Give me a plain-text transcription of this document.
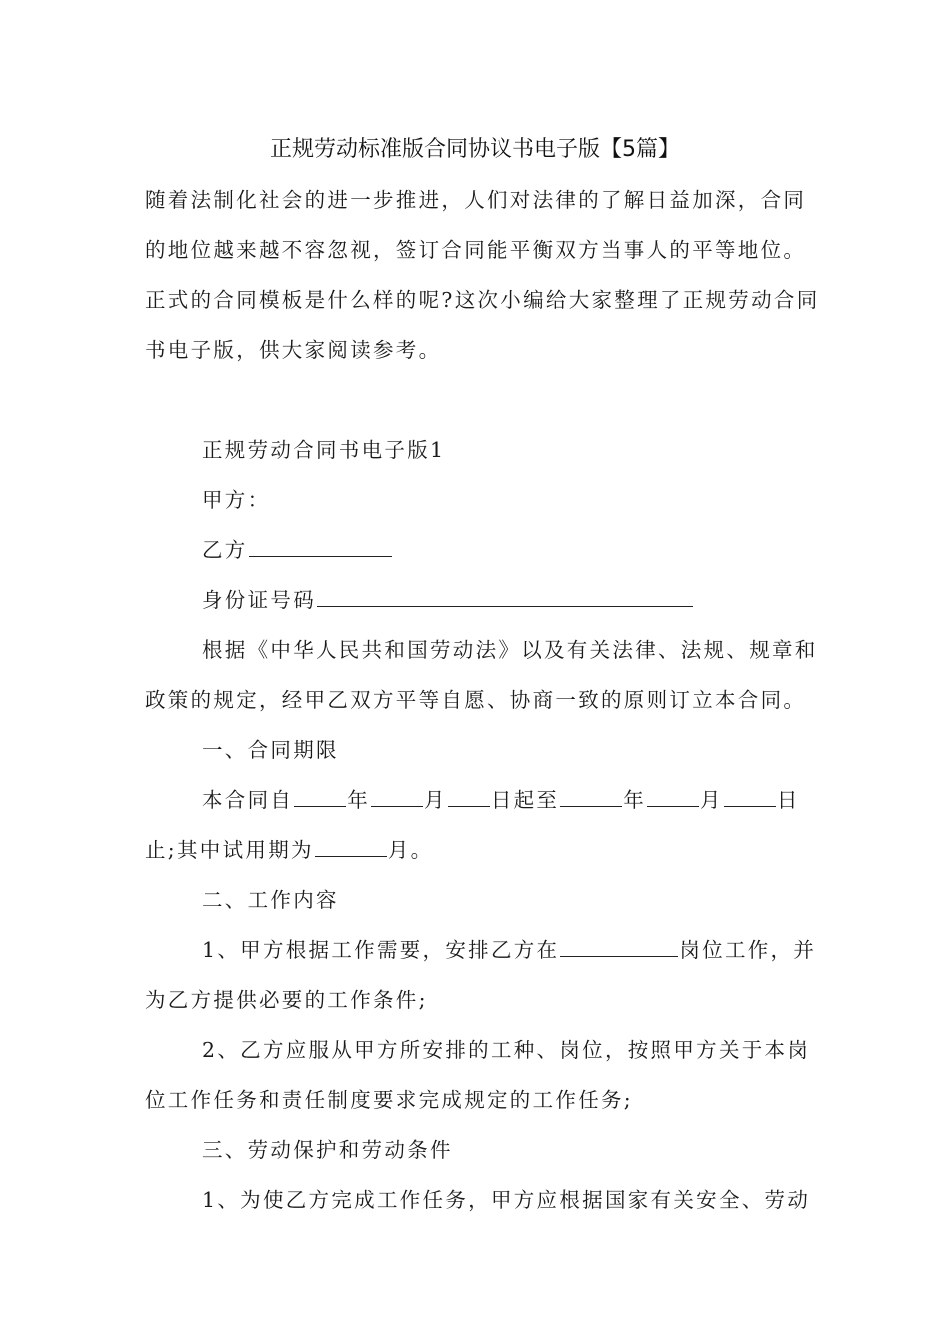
正规劳动标准版合同协议书电子版【5篇】
随着法制化社会的进一步推进，人们对法律的了解日益加深，合同
的地位越来越不容忽视，签订合同能平衡双方当事人的平等地位。
正式的合同模板是什么样的呢?这次小编给大家整理了正规劳动合同
书电子版，供大家阅读参考。
正规劳动合同书电子版1
甲方：
乙方
身份证号码
根据《中华人民共和国劳动法》以及有关法律、法规、规章和
政策的规定，经甲乙双方平等自愿、协商一致的原则订立本合同。
一、合同期限
本合同自	年	月 日起至	年	月	日
止;其中试用期为	月。
二、工作内容
1、甲方根据工作需要，安排乙方在	岗位工作，并
为乙方提供必要的工作条件;
2、乙方应服从甲方所安排的工种、岗位，按照甲方关于本岗
位工作任务和责任制度要求完成规定的工作任务;
三、劳动保护和劳动条件
1、为使乙方完成工作任务，甲方应根据国家有关安全、劳动
